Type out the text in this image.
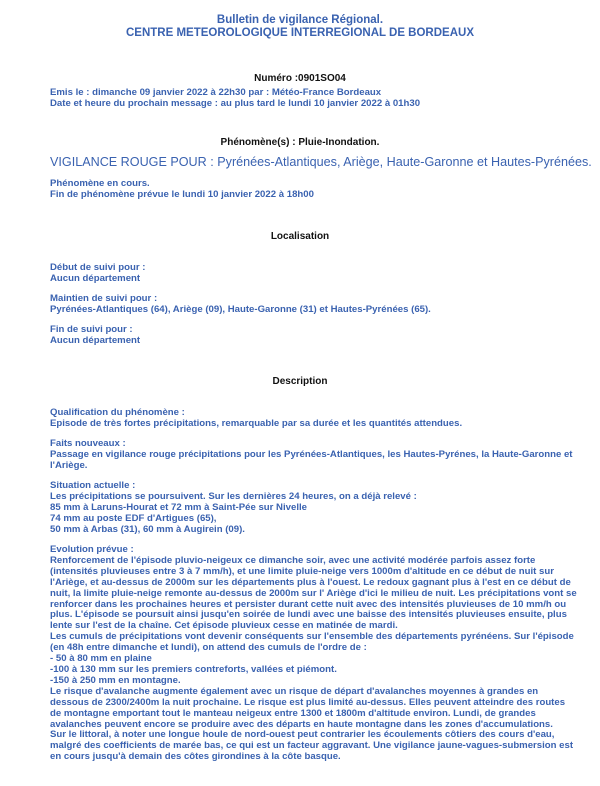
Bulletin de vigilance Régional.
CENTRE METEOROLOGIQUE INTERREGIONAL DE BORDEAUX
Numéro :0901SO04
Emis le : dimanche 09 janvier 2022 à 22h30 par : Météo-France Bordeaux
Date et heure du prochain message : au plus tard le lundi 10 janvier 2022 à 01h30
Phénomène(s) : Pluie-Inondation.
VIGILANCE ROUGE POUR : Pyrénées-Atlantiques, Ariège, Haute-Garonne et Hautes-Pyrénées.
Phénomène en cours.
Fin de phénomène prévue le lundi 10 janvier 2022 à 18h00
Localisation
Début de suivi pour :
Aucun département
Maintien de suivi pour :
Pyrénées-Atlantiques (64), Ariège (09), Haute-Garonne (31) et Hautes-Pyrénées (65).
Fin de suivi pour :
Aucun département
Description
Qualification du phénomène :
Episode de très fortes précipitations, remarquable par sa durée et les quantités attendues.
Faits nouveaux :
Passage en vigilance rouge précipitations pour les Pyrénées-Atlantiques, les Hautes-Pyrénes, la Haute-Garonne et
l'Ariège.
Situation actuelle :
Les précipitations se poursuivent. Sur les dernières 24 heures, on a déjà relevé :
85 mm à Laruns-Hourat et 72 mm à Saint-Pée sur Nivelle
74 mm au poste EDF d'Artigues (65),
50 mm à Arbas (31), 60 mm à Augirein (09).
Evolution prévue :
Renforcement de l'épisode pluvio-neigeux ce dimanche soir, avec une activité modérée parfois assez forte
(intensités pluvieuses entre 3 à 7 mm/h), et une limite pluie-neige vers 1000m d'altitude en ce début de nuit sur
l'Ariège, et au-dessus de 2000m sur les départements plus à l'ouest. Le redoux gagnant plus à l'est en ce début de
nuit, la limite pluie-neige remonte au-dessus de 2000m sur l' Ariège d'ici le milieu de nuit. Les précipitations vont se
renforcer dans les prochaines heures et persister durant cette nuit avec des intensités pluvieuses de 10 mm/h ou
plus. L'épisode se poursuit ainsi jusqu'en soirée de lundi avec une baisse des intensités pluvieuses ensuite, plus
lente sur l'est de la chaîne. Cet épisode pluvieux cesse en matinée de mardi.
Les cumuls de précipitations vont devenir conséquents sur l'ensemble des départements pyrénéens. Sur l'épisode
(en 48h entre dimanche et lundi), on attend des cumuls de l'ordre de :
- 50 à 80 mm en plaine
-100 à 130 mm sur les premiers contreforts, vallées et piémont.
-150 à 250 mm en montagne.
Le risque d'avalanche augmente également avec un risque de départ d'avalanches moyennes à grandes en
dessous de 2300/2400m la nuit prochaine. Le risque est plus limité au-dessus. Elles peuvent atteindre des routes
de montagne emportant tout le manteau neigeux entre 1300 et 1800m d'altitude environ. Lundi, de grandes
avalanches peuvent encore se produire avec des départs en haute montagne dans les zones d'accumulations.
Sur le littoral, à noter une longue houle de nord-ouest peut contrarier les écoulements côtiers des cours d'eau,
malgré des coefficients de marée bas, ce qui est un facteur aggravant. Une vigilance jaune-vagues-submersion est
en cours jusqu'à demain des côtes girondines à la côte basque.
